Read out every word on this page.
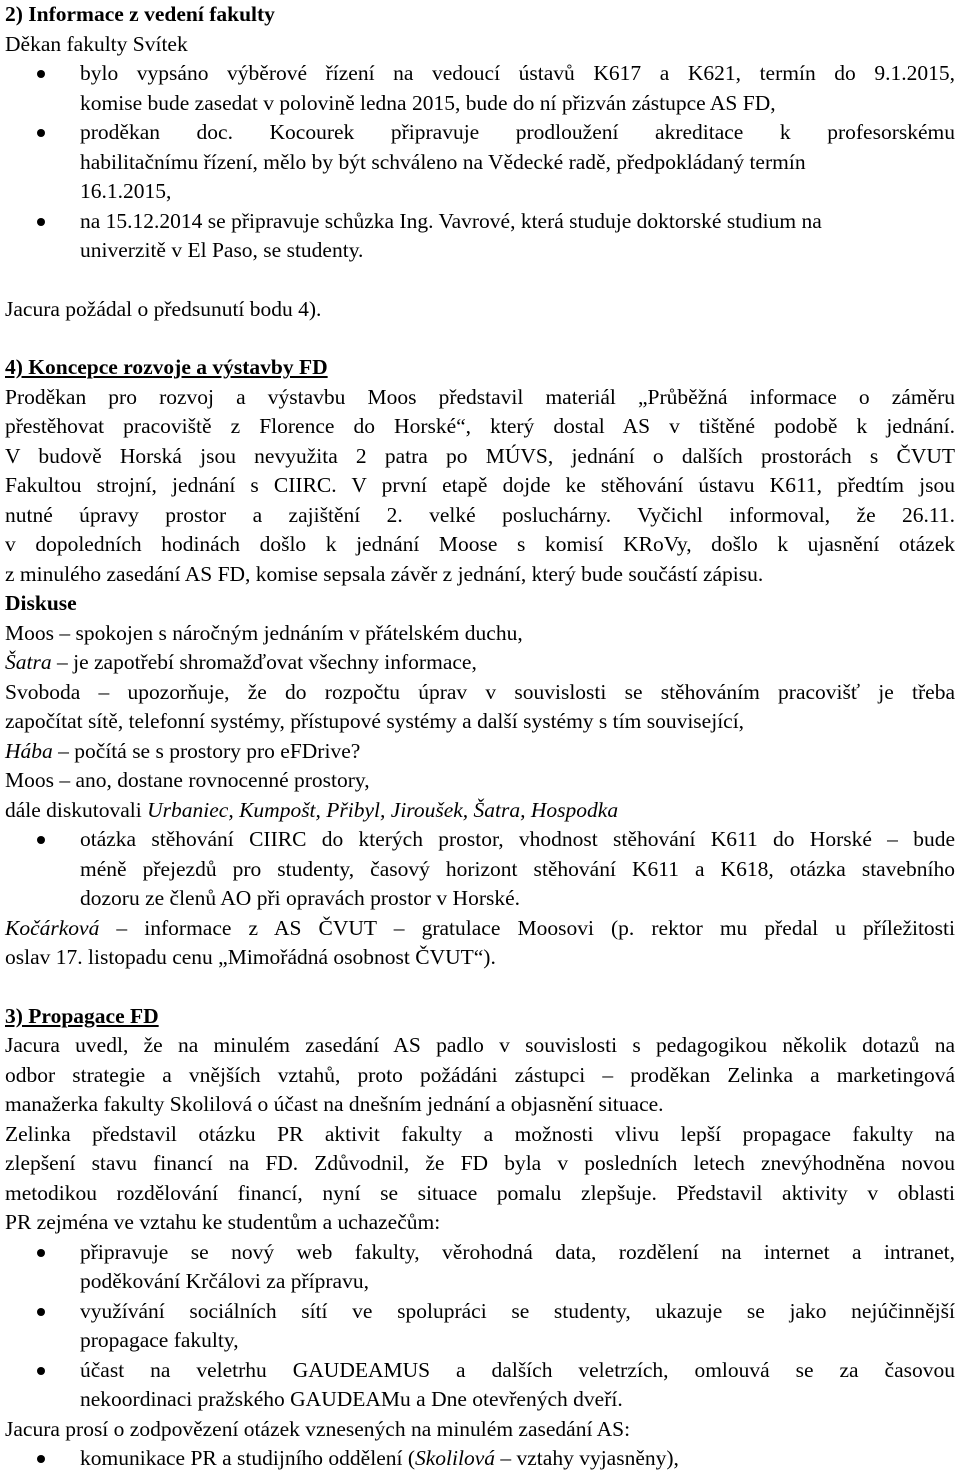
2) Informace z vedení fakulty
Děkan fakulty Svítek
bylo vypsáno výběrové řízení na vedoucí ústavů K617 a K621, termín do 9.1.2015,
komise bude zasedat v polovině ledna 2015, bude do ní přizván zástupce AS FD,
proděkan doc. Kocourek připravuje prodloužení akreditace k profesorskému
habilitačnímu řízení, mělo by být schváleno na Vědecké radě, předpokládaný termín
16.1.2015,
na 15.12.2014 se připravuje schůzka Ing. Vavrové, která studuje doktorské studium na
univerzitě v El Paso, se studenty.
Jacura požádal o předsunutí bodu 4).
4) Koncepce rozvoje a výstavby FD
Proděkan pro rozvoj a výstavbu Moos představil materiál „Průběžná informace o záměru
přestěhovat pracoviště z Florence do Horské“, který dostal AS v tištěné podobě k jednání.
V budově Horská jsou nevyužita 2 patra po MÚVS, jednání o dalších prostorách s ČVUT
Fakultou strojní, jednání s CIIRC. V první etapě dojde ke stěhování ústavu K611, předtím jsou
nutné úpravy prostor a zajištění 2. velké posluchárny. Vyčichl informoval, že 26.11.
v dopoledních hodinách došlo k jednání Moose s komisí KRoVy, došlo k ujasnění otázek
z minulého zasedání AS FD, komise sepsala závěr z jednání, který bude součástí zápisu.
Diskuse
Moos – spokojen s náročným jednáním v přátelském duchu,
Šatra – je zapotřebí shromažďovat všechny informace,
Svoboda – upozorňuje, že do rozpočtu úprav v souvislosti se stěhováním pracovišť je třeba
započítat sítě, telefonní systémy, přístupové systémy a další systémy s tím související,
Hába – počítá se s prostory pro eFDrive?
Moos – ano, dostane rovnocenné prostory,
dále diskutovali Urbaniec, Kumpošt, Přibyl, Jiroušek, Šatra, Hospodka
otázka stěhování CIIRC do kterých prostor, vhodnost stěhování K611 do Horské – bude
méně přejezdů pro studenty, časový horizont stěhování K611 a K618, otázka stavebního
dozoru ze členů AO při opravách prostor v Horské.
Kočárková – informace z AS ČVUT – gratulace Moosovi (p. rektor mu předal u příležitosti
oslav 17. listopadu cenu „Mimořádná osobnost ČVUT“).
3) Propagace FD
Jacura uvedl, že na minulém zasedání AS padlo v souvislosti s pedagogikou několik dotazů na
odbor strategie a vnějších vztahů, proto požádáni zástupci – proděkan Zelinka a marketingová
manažerka fakulty Skolilová o účast na dnešním jednání a objasnění situace.
Zelinka představil otázku PR aktivit fakulty a možnosti vlivu lepší propagace fakulty na
zlepšení stavu financí na FD. Zdůvodnil, že FD byla v posledních letech znevýhodněna novou
metodikou rozdělování financí, nyní se situace pomalu zlepšuje. Představil aktivity v oblasti
PR zejména ve vztahu ke studentům a uchazečům:
připravuje se nový web fakulty, věrohodná data, rozdělení na internet a intranet,
poděkování Krčálovi za přípravu,
využívání sociálních sítí ve spolupráci se studenty, ukazuje se jako nejúčinnější
propagace fakulty,
účast na veletrhu GAUDEAMUS a dalších veletrzích, omlouvá se za časovou
nekoordinaci pražského GAUDEAMu a Dne otevřených dveří.
Jacura prosí o zodpovězení otázek vznesených na minulém zasedání AS:
komunikace PR a studijního oddělení (Skolilová – vztahy vyjasněny),
